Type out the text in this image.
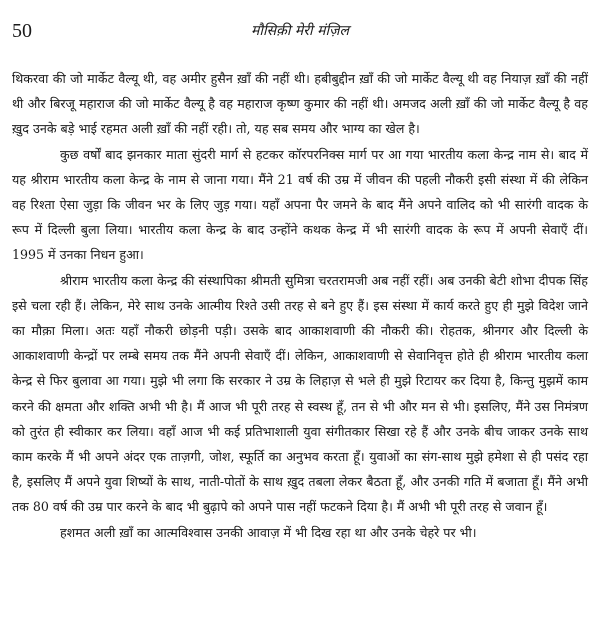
50	मौसिक़ी मेरी मंज़िल

थिकरवा की जो मार्केट वैल्यू थी, वह अमीर हुसैन ख़ाँ की नहीं थी। हबीबुद्दीन ख़ाँ की जो मार्केट वैल्यू थी वह नियाज़ ख़ाँ की नहीं थी और बिरजू महाराज की जो मार्केट वैल्यू है वह महाराज कृष्ण कुमार की नहीं थी। अमजद अली ख़ाँ की जो मार्केट वैल्यू है वह ख़ुद उनके बड़े भाई रहमत अली ख़ाँ की नहीं रही। तो, यह सब समय और भाग्य का खेल है।

कुछ वर्षों बाद झनकार माता सुंदरी मार्ग से हटकर कॉरपरनिक्स मार्ग पर आ गया भारतीय कला केन्द्र नाम से। बाद में यह श्रीराम भारतीय कला केन्द्र के नाम से जाना गया। मैंने 21 वर्ष की उम्र में जीवन की पहली नौकरी इसी संस्था में की लेकिन वह रिश्ता ऐसा जुड़ा कि जीवन भर के लिए जुड़ गया। यहाँ अपना पैर जमने के बाद मैंने अपने वालिद को भी सारंगी वादक के रूप में दिल्ली बुला लिया। भारतीय कला केन्द्र के बाद उन्होंने कथक केन्द्र में भी सारंगी वादक के रूप में अपनी सेवाएँ दीं। 1995 में उनका निधन हुआ।

श्रीराम भारतीय कला केन्द्र की संस्थापिका श्रीमती सुमित्रा चरतरामजी अब नहीं रहीं। अब उनकी बेटी शोभा दीपक सिंह इसे चला रही हैं। लेकिन, मेरे साथ उनके आत्मीय रिश्ते उसी तरह से बने हुए हैं। इस संस्था में कार्य करते हुए ही मुझे विदेश जाने का मौक़ा मिला। अतः यहाँ नौकरी छोड़नी पड़ी। उसके बाद आकाशवाणी की नौकरी की। रोहतक, श्रीनगर और दिल्ली के आकाशवाणी केन्द्रों पर लम्बे समय तक मैंने अपनी सेवाएँ दीं। लेकिन, आकाशवाणी से सेवानिवृत्त होते ही श्रीराम भारतीय कला केन्द्र से फिर बुलावा आ गया। मुझे भी लगा कि सरकार ने उम्र के लिहाज़ से भले ही मुझे रिटायर कर दिया है, किन्तु मुझमें काम करने की क्षमता और शक्ति अभी भी है। मैं आज भी पूरी तरह से स्वस्थ हूँ, तन से भी और मन से भी। इसलिए, मैंने उस निमंत्रण को तुरंत ही स्वीकार कर लिया। वहाँ आज भी कई प्रतिभाशाली युवा संगीतकार सिखा रहे हैं और उनके बीच जाकर उनके साथ काम करके मैं भी अपने अंदर एक ताज़गी, जोश, स्फूर्ति का अनुभव करता हूँ। युवाओं का संग-साथ मुझे हमेशा से ही पसंद रहा है, इसलिए मैं अपने युवा शिष्यों के साथ, नाती-पोतों के साथ ख़ुद तबला लेकर बैठता हूँ, और उनकी गति में बजाता हूँ। मैंने अभी तक 80 वर्ष की उम्र पार करने के बाद भी बुढ़ापे को अपने पास नहीं फटकने दिया है। मैं अभी भी पूरी तरह से जवान हूँ।

हशमत अली ख़ाँ का आत्मविश्वास उनकी आवाज़ में भी दिख रहा था और उनके चेहरे पर भी।
